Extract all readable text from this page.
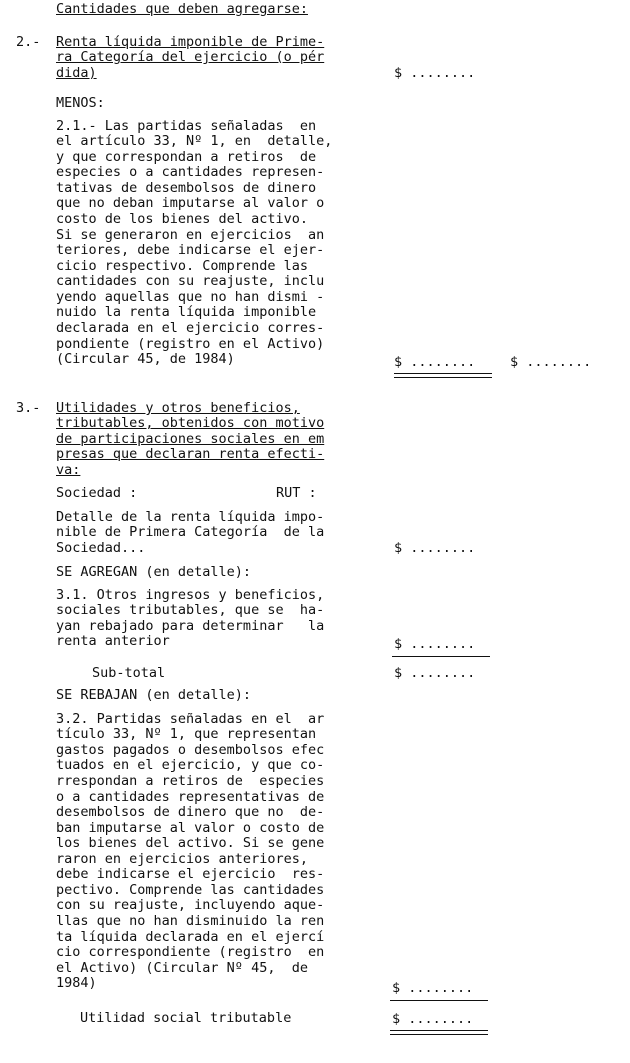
Cantidades que deben agregarse:
2.- Renta líquida imponible de Prime-
ra Categoría del ejercicio (o pér
dida)	$ ........
MENOS:
2.1.- Las partidas señaladas  en
el artículo 33, Nº 1, en  detalle,
y que correspondan a retiros  de
especies o a cantidades represen-
tativas de desembolsos de dinero
que no deban imputarse al valor o
costo de los bienes del activo.
Si se generaron en ejercicios  an
teriores, debe indicarse el ejer-
cicio respectivo. Comprende las
cantidades con su reajuste, inclu
yendo aquellas que no han dismi -
nuido la renta líquida imponible
declarada en el ejercicio corres-
pondiente (registro en el Activo)
(Circular 45, de 1984)	$ ........	$ ........
3.- Utilidades y otros beneficios,
tributables, obtenidos con motivo
de participaciones sociales en em
presas que declaran renta efecti-
va:
Sociedad :	RUT :
Detalle de la renta líquida impo-
nible de Primera Categoría  de la
Sociedad...	$ ........
SE AGREGAN (en detalle):
3.1. Otros ingresos y beneficios,
sociales tributables, que se  ha-
yan rebajado para determinar   la
renta anterior	$ ........
Sub-total	$ ........
SE REBAJAN (en detalle):
3.2. Partidas señaladas en el  ar
tículo 33, Nº 1, que representan
gastos pagados o desembolsos efec
tuados en el ejercicio, y que co-
rrespondan a retiros de  especies
o a cantidades representativas de
desembolsos de dinero que no  de-
ban imputarse al valor o costo de
los bienes del activo. Si se gene
raron en ejercicios anteriores,
debe indicarse el ejercicio  res-
pectivo. Comprende las cantidades
con su reajuste, incluyendo aque-
llas que no han disminuido la ren
ta líquida declarada en el ejercí
cio correspondiente (registro  en
el Activo) (Circular Nº 45,  de
1984)	$ ........
Utilidad social tributable	$ ........
